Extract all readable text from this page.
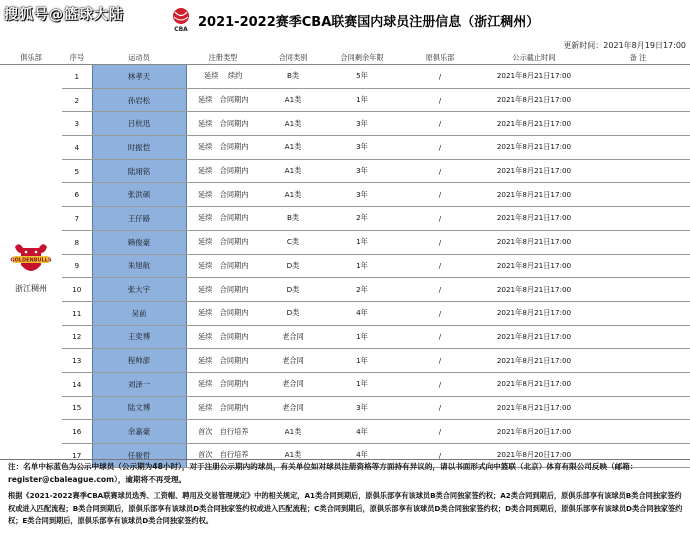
搜狐号@篮球大陆
CBA 2021-2022赛季CBA联赛国内球员注册信息（浙江稠州）
更新时间：2021年8月19日17:00
俱乐部	序号	运动员	注册类型	合同类别	合同剩余年限	原俱乐部	公示截止时间	备 注

GOLDENBULLS
浙江稠州	1	林孝天	延续　 续约	B类	5年	/	2021年8月21日17:00	
	2	孙岩松	延续　合同期内	A1类	1年	/	2021年8月21日17:00	
	3	吕杭迅	延续　合同期内	A1类	3年	/	2021年8月21日17:00	
	4	时振恺	延续　合同期内	A1类	3年	/	2021年8月21日17:00	
	5	陆翊铭	延续　合同期内	A1类	3年	/	2021年8月21日17:00	
	6	张洪硕	延续　合同期内	A1类	3年	/	2021年8月21日17:00	
	7	王仔路	延续　合同期内	B类	2年	/	2021年8月21日17:00	
	8	赖俊豪	延续　合同期内	C类	1年	/	2021年8月21日17:00	
	9	朱旭航	延续　合同期内	D类	1年	/	2021年8月21日17:00	
	10	张大宇	延续　合同期内	D类	2年	/	2021年8月21日17:00	
	11	吴前	延续　合同期内	D类	4年	/	2021年8月21日17:00	
	12	王奕博	延续　合同期内	老合同	1年	/	2021年8月21日17:00	
	13	程帅澎	延续　合同期内	老合同	1年	/	2021年8月21日17:00	
	14	刘泽一	延续　合同期内	老合同	1年	/	2021年8月21日17:00	
	15	陆文博	延续　合同期内	老合同	3年	/	2021年8月21日17:00	
	16	余嘉豪	首次　自行培养	A1类	4年	/	2021年8月20日17:00	
	17	任骏哲	首次　自行培养	A1类	4年	/	2021年8月20日17:00	
注：名单中标蓝色为公示中球员（公示期为48小时），对于注册公示期内的球员，有关单位如对球员注册资格等方面持有异议的，请以书面形式向中篮联（北京）体育有限公司反映（邮箱：register@cbaleague.com），逾期将不再受理。
根据《2021-2022赛季CBA联赛球员选秀、工资帽、聘用及交易管理规定》中的相关规定，A1类合同到期后，原俱乐部享有该球员B类合同独家签约权；A2类合同到期后，原俱乐部享有该球员B类合同独家签约权或进入匹配流程；B类合同到期后，原俱乐部享有该球员D类合同独家签约权或进入匹配流程；C类合同到期后，原俱乐部享有该球员D类合同独家签约权；D类合同到期后，原俱乐部享有该球员D类合同独家签约权；E类合同到期后，原俱乐部享有该球员D类合同独家签约权。
